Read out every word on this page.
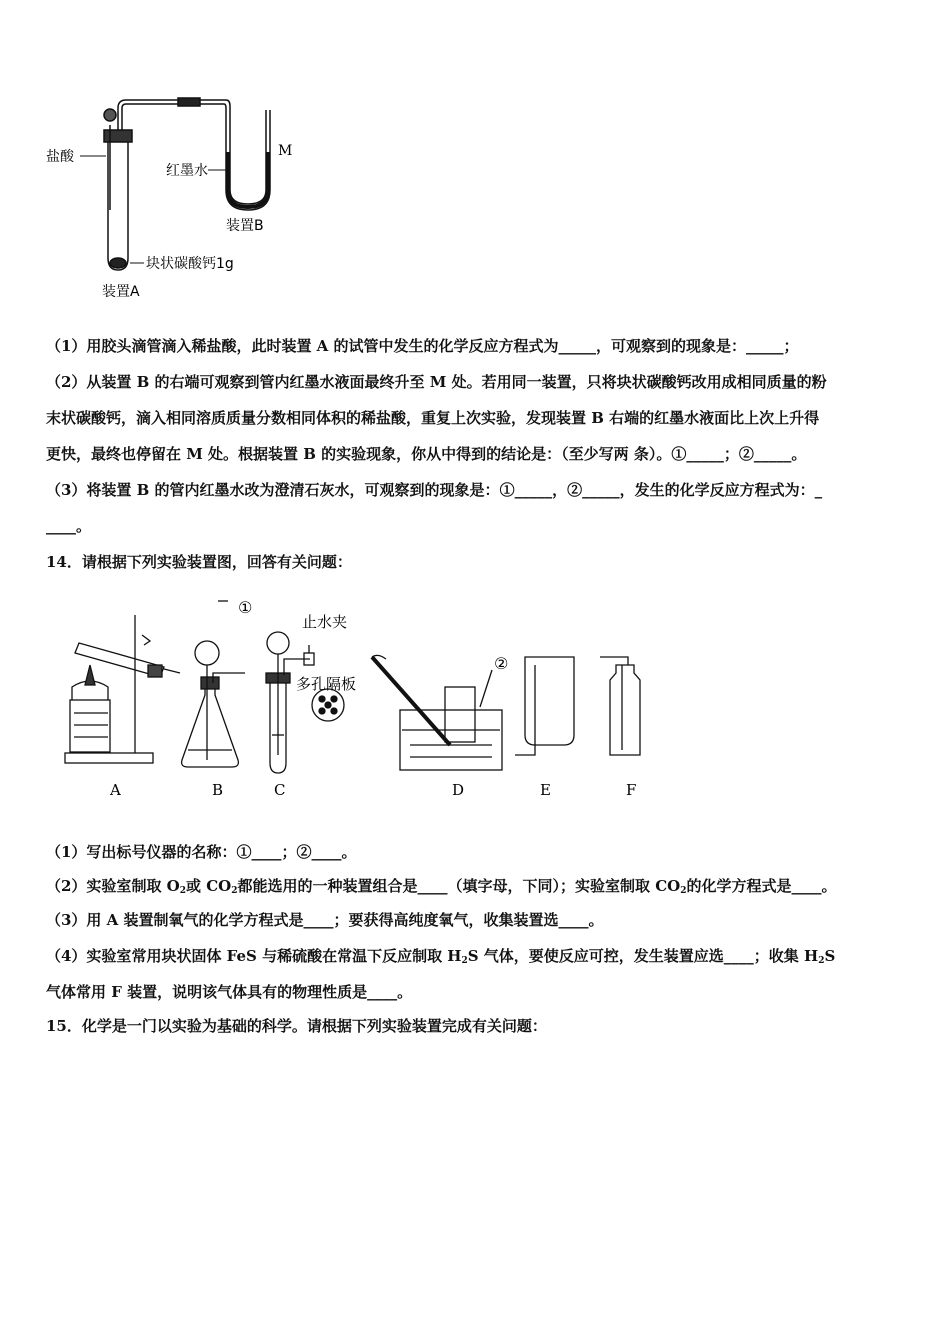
盐酸
红墨水
M
装置B
块状碳酸钙1g
装置A
（1）用胶头滴管滴入稀盐酸，此时装置 A 的试管中发生的化学反应方程式为_____，可观察到的现象是：_____；
（2）从装置 B 的右端可观察到管内红墨水液面最终升至 M 处。若用同一装置，只将块状碳酸钙改用成相同质量的粉
末状碳酸钙，滴入相同溶质质量分数相同体积的稀盐酸，重复上次实验，发现装置 B 右端的红墨水液面比上次上升得
更快，最终也停留在 M 处。根据装置 B 的实验现象，你从中得到的结论是：（至少写两 条）。①_____；②_____。
（3）将装置 B 的管内红墨水改为澄清石灰水，可观察到的现象是：①_____，②_____，发生的化学反应方程式为：_
____。
14．请根据下列实验装置图，回答有关问题：
①
止水夹
多孔隔板
②
A	B	C	D	E	F
（1）写出标号仪器的名称：①____；②____。
（2）实验室制取 $O_2$或 $CO_2$都能选用的一种装置组合是____（填字母，下同）；实验室制取 $CO_2$的化学方程式是____。
（3）用 A 装置制氧气的化学方程式是____；要获得高纯度氧气，收集装置选____。
（4）实验室常用块状固体 FeS 与稀硫酸在常温下反应制取 $H_2S$ 气体，要使反应可控，发生装置应选____；收集 $H_2S$
气体常用 F 装置，说明该气体具有的物理性质是____。
15．化学是一门以实验为基础的科学。请根据下列实验装置完成有关问题：
